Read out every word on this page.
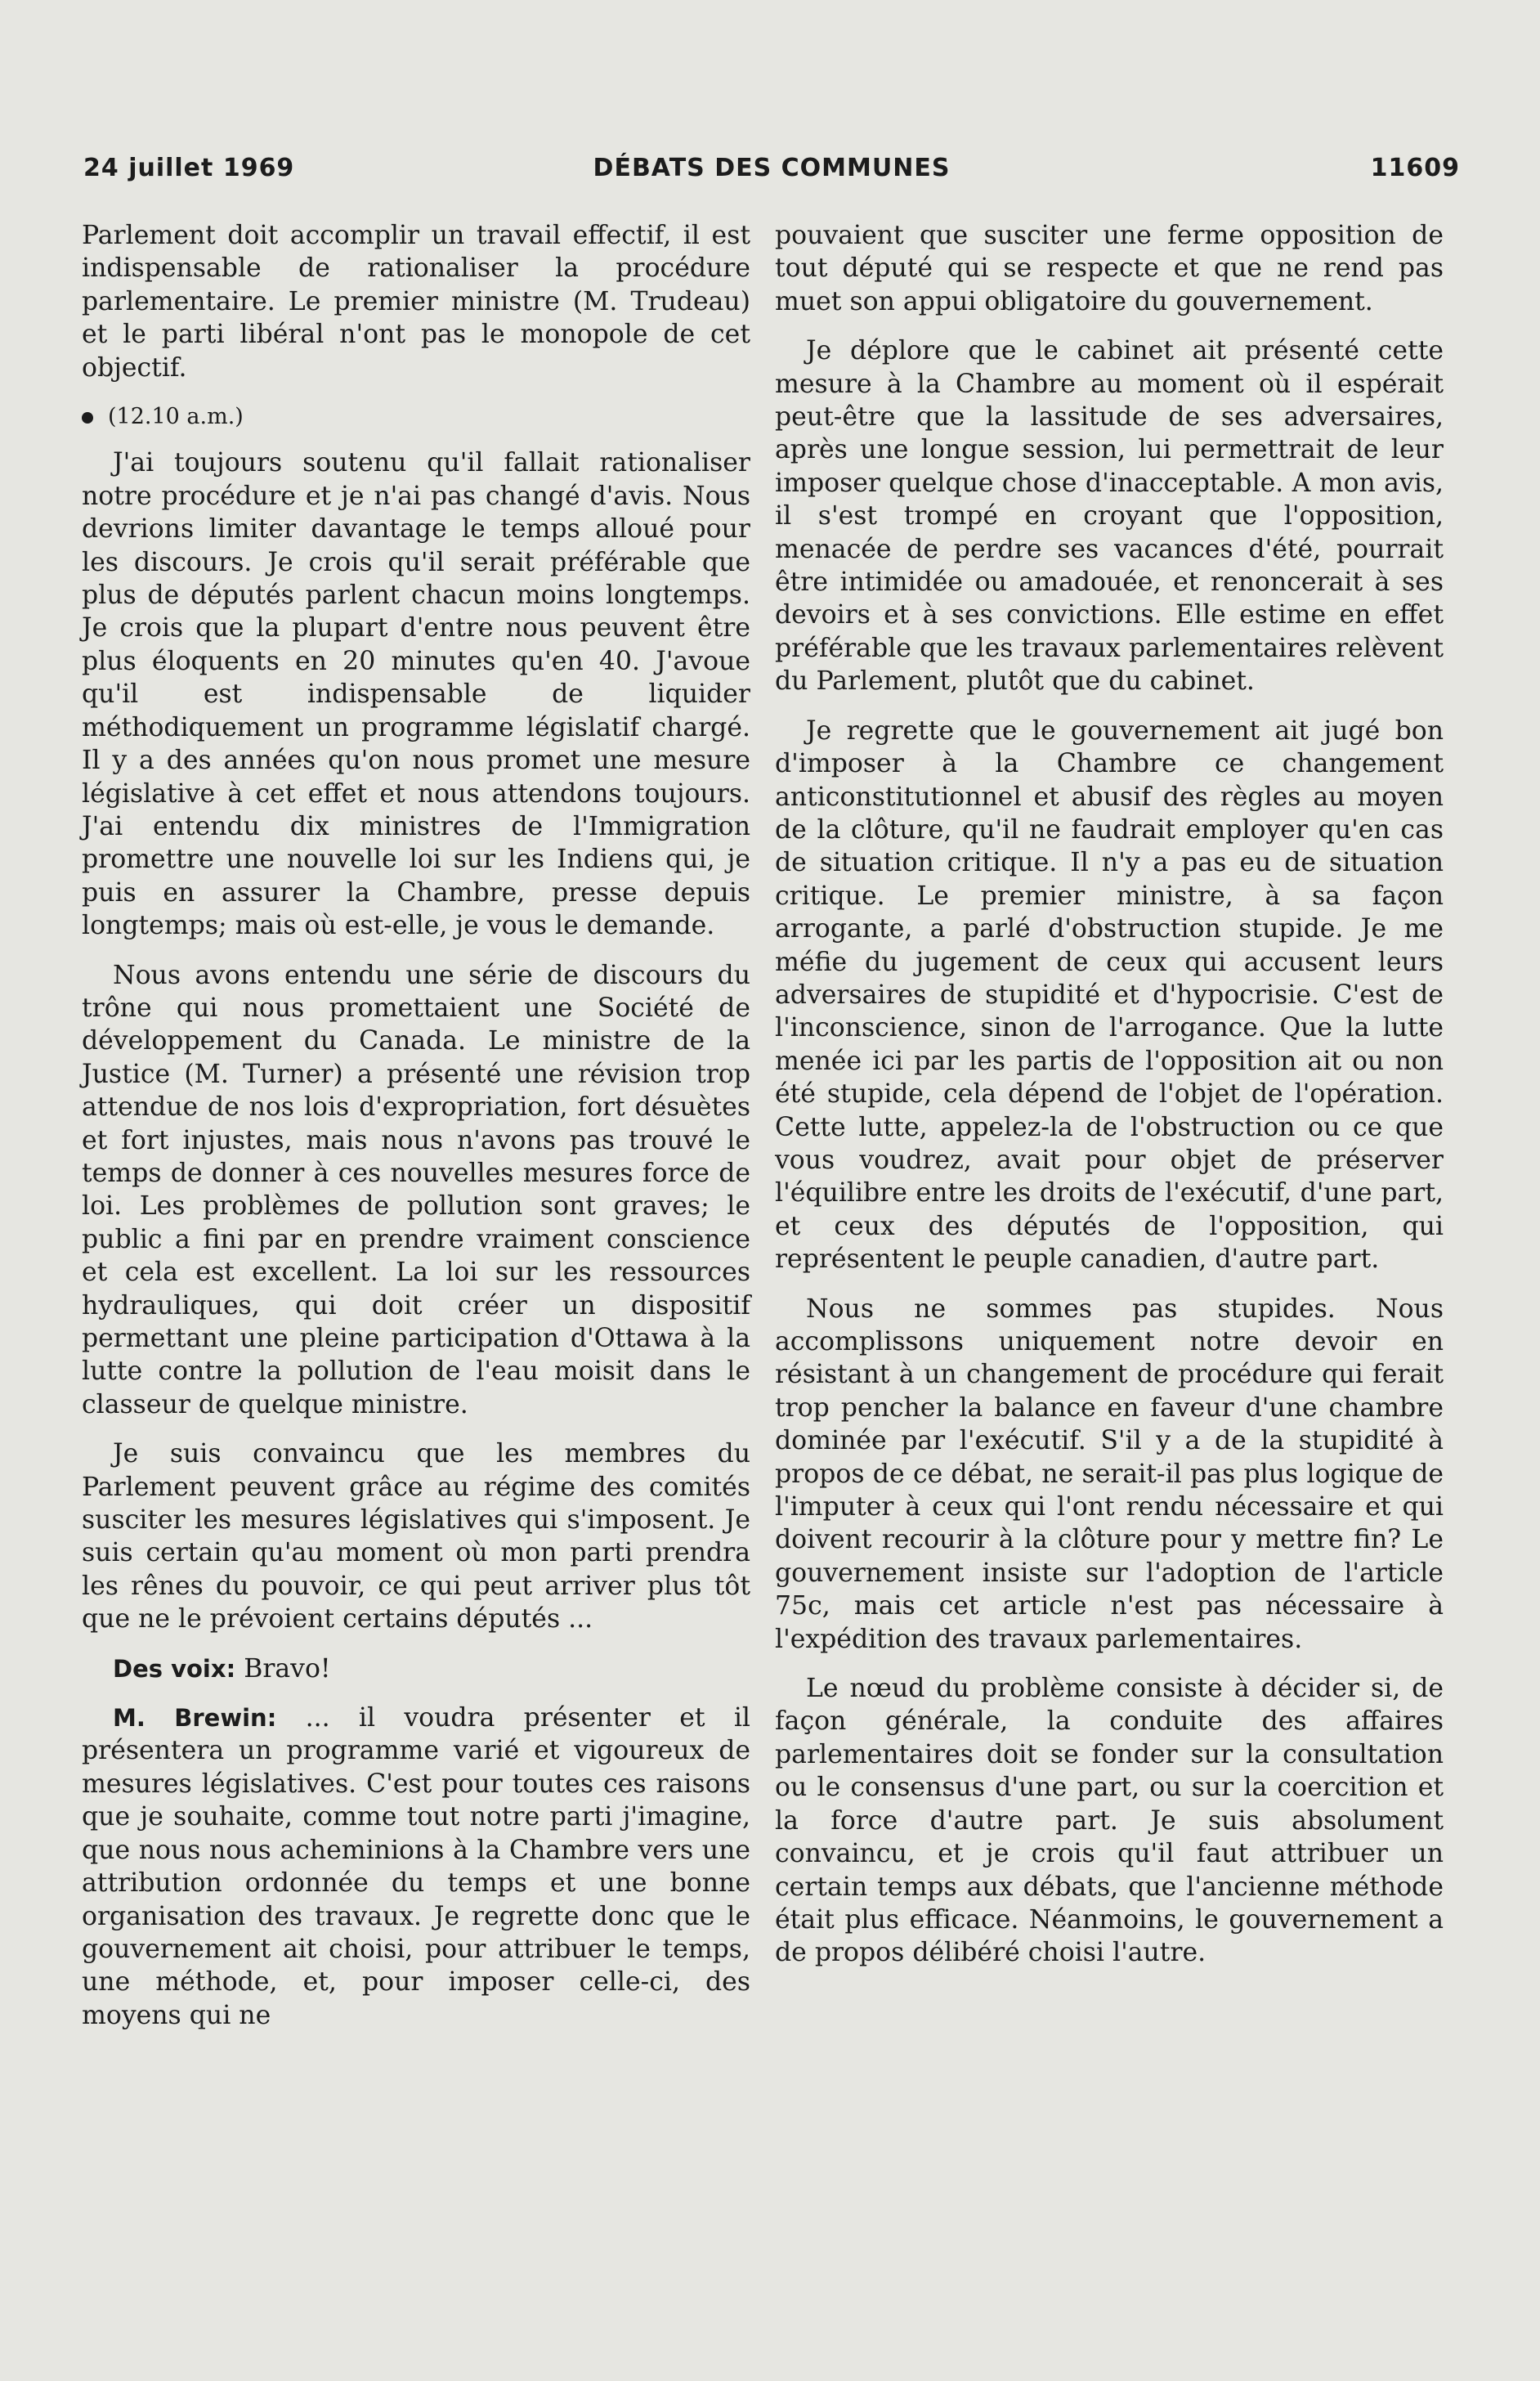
24 juillet 1969	DÉBATS DES COMMUNES	11609

Parlement doit accomplir un travail effectif, il est indispensable de rationaliser la procédure parlementaire. Le premier ministre (M. Trudeau) et le parti libéral n'ont pas le monopole de cet objectif.

(12.10 a.m.)

J'ai toujours soutenu qu'il fallait rationaliser notre procédure et je n'ai pas changé d'avis. Nous devrions limiter davantage le temps alloué pour les discours. Je crois qu'il serait préférable que plus de députés parlent chacun moins longtemps. Je crois que la plupart d'entre nous peuvent être plus éloquents en 20 minutes qu'en 40. J'avoue qu'il est indispensable de liquider méthodiquement un programme législatif chargé. Il y a des années qu'on nous promet une mesure législative à cet effet et nous attendons toujours. J'ai entendu dix ministres de l'Immigration promettre une nouvelle loi sur les Indiens qui, je puis en assurer la Chambre, presse depuis longtemps; mais où est-elle, je vous le demande.

Nous avons entendu une série de discours du trône qui nous promettaient une Société de développement du Canada. Le ministre de la Justice (M. Turner) a présenté une révision trop attendue de nos lois d'expropriation, fort désuètes et fort injustes, mais nous n'avons pas trouvé le temps de donner à ces nouvelles mesures force de loi. Les problèmes de pollution sont graves; le public a fini par en prendre vraiment conscience et cela est excellent. La loi sur les ressources hydrauliques, qui doit créer un dispositif permettant une pleine participation d'Ottawa à la lutte contre la pollution de l'eau moisit dans le classeur de quelque ministre.

Je suis convaincu que les membres du Parlement peuvent grâce au régime des comités susciter les mesures législatives qui s'imposent. Je suis certain qu'au moment où mon parti prendra les rênes du pouvoir, ce qui peut arriver plus tôt que ne le prévoient certains députés ...

Des voix: Bravo!

M. Brewin: ... il voudra présenter et il présentera un programme varié et vigoureux de mesures législatives. C'est pour toutes ces raisons que je souhaite, comme tout notre parti j'imagine, que nous nous acheminions à la Chambre vers une attribution ordonnée du temps et une bonne organisation des travaux. Je regrette donc que le gouvernement ait choisi, pour attribuer le temps, une méthode, et, pour imposer celle-ci, des moyens qui ne

pouvaient que susciter une ferme opposition de tout député qui se respecte et que ne rend pas muet son appui obligatoire du gouvernement.

Je déplore que le cabinet ait présenté cette mesure à la Chambre au moment où il espérait peut-être que la lassitude de ses adversaires, après une longue session, lui permettrait de leur imposer quelque chose d'inacceptable. A mon avis, il s'est trompé en croyant que l'opposition, menacée de perdre ses vacances d'été, pourrait être intimidée ou amadouée, et renoncerait à ses devoirs et à ses convictions. Elle estime en effet préférable que les travaux parlementaires relèvent du Parlement, plutôt que du cabinet.

Je regrette que le gouvernement ait jugé bon d'imposer à la Chambre ce changement anticonstitutionnel et abusif des règles au moyen de la clôture, qu'il ne faudrait employer qu'en cas de situation critique. Il n'y a pas eu de situation critique. Le premier ministre, à sa façon arrogante, a parlé d'obstruction stupide. Je me méfie du jugement de ceux qui accusent leurs adversaires de stupidité et d'hypocrisie. C'est de l'inconscience, sinon de l'arrogance. Que la lutte menée ici par les partis de l'opposition ait ou non été stupide, cela dépend de l'objet de l'opération. Cette lutte, appelez-la de l'obstruction ou ce que vous voudrez, avait pour objet de préserver l'équilibre entre les droits de l'exécutif, d'une part, et ceux des députés de l'opposition, qui représentent le peuple canadien, d'autre part.

Nous ne sommes pas stupides. Nous accomplissons uniquement notre devoir en résistant à un changement de procédure qui ferait trop pencher la balance en faveur d'une chambre dominée par l'exécutif. S'il y a de la stupidité à propos de ce débat, ne serait-il pas plus logique de l'imputer à ceux qui l'ont rendu nécessaire et qui doivent recourir à la clôture pour y mettre fin? Le gouvernement insiste sur l'adoption de l'article 75c, mais cet article n'est pas nécessaire à l'expédition des travaux parlementaires.

Le nœud du problème consiste à décider si, de façon générale, la conduite des affaires parlementaires doit se fonder sur la consultation ou le consensus d'une part, ou sur la coercition et la force d'autre part. Je suis absolument convaincu, et je crois qu'il faut attribuer un certain temps aux débats, que l'ancienne méthode était plus efficace. Néanmoins, le gouvernement a de propos délibéré choisi l'autre.
